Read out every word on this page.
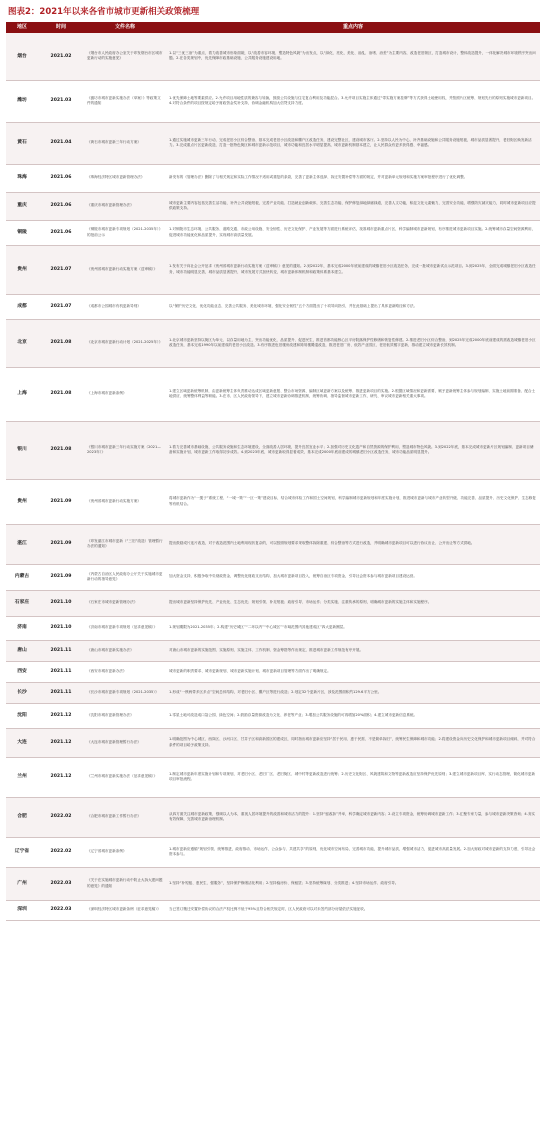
图表2：2021年以来各省市城市更新相关政策梳理
地区	时间	文件名称	重点内容
烟台	2021.02	《烟台市人民政府办公室关于印发烟台市区城市更新行动的实施意见》	1.以“三优三治”为重点，着力改善城市形象面貌，以“改善市容环境、塑造特色风貌”为出发点，以“绿化、亮化、美化、治乱、治堵、治差”为主要内容，改造老旧街区，打造城市设计，整体改造提升，一体化解决城市环境秩序突出问题。2.在各类规划中，优先保障市政基础设施、公共服务设施建设用地。
潍坊	2021.03	《潍坊市城市更新实施办法（草案）》等政策文件的通知	1.优先保障土地等要素供应。2.允许项目用地性质的兼容与转换，鼓励公共设施与住宅复合利用及功能混合。3.允许项目实施主体通过“带实施方案挂牌”等方式获得土地使用权，并按照片区统筹、规划先行的原则实施城市更新项目。4.对符合条件的项目按规定给予财政资金奖补支持，协调金融机构加大信贷支持力度。
黄石	2021.04	《黄石市城市更新三年行动方案》	1.通过实施城市更新三年行动，完成老旧小区综合整治、基本完成老旧小区改造和棚户区改造任务，建设完整社区，建设城市客厅。2.坚持以人民为中心，补齐基础设施和公共服务设施短板，城市品质显著提升，老旧街区焕发新活力。3.完成重点片区更新改造，打造一批特色街区和城市更新示范项目，城市功能和宜居水平明显提高，城市更新机制基本建立，让人民群众有更多获得感、幸福感。
珠海	2021.06	《珠海经济特区城市更新管理办法》	新发布的《管理办法》删除了与相关规定和实际工作情况不适用或重复的条款，完善了更新主体选择、拆迁安置补偿等方面的规定，并对更新单元规划和实施方案审批程序进行了优化调整。
重庆	2021.06	《重庆市城市更新管理办法》	城市更新主要内容包括完善生活功能、补齐公共设施短板，完善产业功能、打造就业创新载体，完善生态功能、保护修复绿地绿廊绿道，完善人文功能，积淀文化元素魅力，完善安全功能，增强防灾减灾能力，同时城市更新项目应提供政策支持。
铜陵	2021.06	《铜陵市城市更新专项规划（2021-2035年）》的批前公示	1.对铜陵市生态环境、公共服务、道路交通、市政公用设施、安全韧性、历史文化保护、产业发展等方面进行系统评估，找准城市更新重点片区，科学编制城市更新规划，有序推进城市更新项目实施。2.统筹城市存量空间资源利用，促进城市功能优化和品质提升，实现城市高质量发展。
贵州	2021.07	《贵州省城市更新行动实施方案（送审稿）》	1.发布关于向社会公开征求《贵州省城市更新行动实施方案（送审稿）》意见的通知。2.到2022年，基本完成2000年底前建成的城镇老旧小区改造任务，完成一批城市更新试点示范项目。3.到2025年，全面完成城镇老旧小区改造任务，城市功能明显完善，城市品质显著提升，城市发展方式加快转变，城市更新体制机制和政策体系基本建立。
成都	2021.07	《成都市公园城市有机更新导则》	以“保护历史文化、优化功能业态、完善公共服务、美化城市环境、强化安全韧性”五个方面提出了十项导向指引，并在此基础上提出了具体更新路径和方法。
北京	2021.08	《北京市城市更新行动计划（2021-2025年）》	1.北京城市更新坚持以街区为单元、以存量用地为主，突出功能优化、品质提升、促进民生，推进首都功能核心区平房院落保护性修缮和恢复性修建。2.推进老旧小区综合整治，到2025年完成2000年底前建成的需改造城镇老旧小区改造任务，基本完成1990年以前建成的老旧小区改造。3.有序推进危旧楼房改建和简易楼腾退改造，推进老旧厂房、低效产业园区、老旧低效楼宇更新，推动建立城市更新长效机制。
上海	2021.08	《上海市城市更新条例》	1.建立区域更新统筹机制，由更新统筹主体负责推动达成区域更新意愿、整合市场资源、编制区域更新方案以及统筹、推进更新项目的实施。2.根据区域情况和更新需要，赋予更新统筹主体参与规划编制、实施土地前期准备、配合土地供应、统筹整体利益等职能。3.在市、区人民政府领导下，建立城市更新协调推进机制，统筹协调、指导监督城市更新工作，研究、审议城市更新相关重大事项。
银川	2021.08	《银川市城市更新三年行动实施方案（2021—2023年）》	1.着力完善城市基础设施、公共服务设施和生态环境建设，全面改善人居环境，提升宜居宜业水平；2.加强对历史文化遗产和自然资源的保护利用，塑造城市特色风貌。3.到2022年底，基本完成城市更新片区规划编制、更新项目储备和实施计划，城市更新工作取得初步成效。4.到2023年底，城市更新取得显著成效，基本完成2000年底前建成的城镇老旧小区改造任务，城市功能品质明显提升。
贵州	2021.09	《贵州省城市更新行动实施方案》	将城市更新作为“一揽子”系统工程、“一城一策”“一区一策”建设目标，结合城市体检工作和国土空间规划，科学编制城市更新规划和年度实施计划，推进城市更新与城市产业转型升级、功能完善、品质提升、历史文化保护、生态修复等有机结合。
湛江	2021.09	《印发湛江市城市更新（“三旧”改造）管理暂行办法的通知》	提出鼓励成片连片改造，对于改造范围内土地利用现状复杂的，可以按照规划要求采取整体拆除重建、综合整治等方式进行改造，并明确城市更新项目可以进行协议出让、公开出让等方式供地。
内蒙古	2021.09	《内蒙古自治区人民政府办公厅关于实施城市更新行动的指导意见》	加大资金支持，积极争取中央财政资金，调整优化财政支出结构，加大城市更新项目投入，统筹自治区专项资金，引导社会资本参与城市更新项目建设运营。
石家庄	2021.10	《石家庄市城市更新管理办法》	提出城市更新坚持保护优先、产业优化、生态优先；规划引领、补足短板；政府引导、市场运作；分类实施、注重传承的原则，明确城市更新的实施主体和实施程序。
济南	2021.10	《济南市城市更新专项规划（征求意见稿）》	1.规划期限为2021-2035年；2.构建“历史城区”“二环以内”“中心城区”“市域范围内其他建成区”四大更新圈层。
唐山	2021.11	《唐山市城市更新实施办法》	对唐山市城市更新的实施范围、实施原则、实施主体、工作机制、资金筹措等作出规定，推进城市更新工作规范有序开展。
西安	2021.11	《西安市城市更新办法》	城市更新的职责要求、城市更新规划、城市更新实施计划、城市更新项目管理等方面作出了明确规定。
长沙	2021.11	《长沙市城市更新专项规划（2021-2035）》	1.形成“一核两带多区多点”空间总体结构，对老旧小区、棚户区等进行改造；2.划定32个更新片区，涉及范围面积约129.6平方公里。
沈阳	2021.12	《沈阳市城市更新管理办法》	1.零星土地可改造成口袋公园、绿色空间；2.鼓励存量资源改造为文化、养老等产业；3.增加公共服务设施的可再增加20%面积；4.建立城市更新信息系统。
大连	2021.12	《大连市城市更新管理暂行办法》	1.明确范围为中心城区、西岗区、沙河口区、甘井子区和高新园区的建成区，同时指出城市更新应坚持“居于民用、惠于民需、不是简单拆旧”，统筹民生保障和城市功能；2.将建设资金向历史文化保护和城市更新项目倾斜，并对符合条件的项目给予政策支持。
兰州	2021.12	《兰州市城市更新实施办法（征求意见稿）》	1.制定城市更新年度实施计划和专项规划，对老旧小区、老旧厂区、老旧街区、城中村等更新改造进行统筹；2.历史文化街区、风貌建筑和文物等更新改造应坚持保护优先原则；3.建立城市更新项目库，实行动态管理，简化城市更新项目审批流程。
合肥	2022.02	《合肥市城市更新工作暂行办法》	从四方面关注城市更新政策，强调以人为本，重视人居环境提升的改善和城市活力的提升：1.坚持“留改拆”并举，科学确定城市更新内容；2.设立专项资金，统筹协调城市更新工作；3.汇聚专家力量，参与城市更新决策咨询；4.务实有效保障，完善城市更新治理机制。
辽宁省	2022.02	《辽宁省城市更新条例》	1.城市更新应遵循“规划引领、统筹推进，政府推动、市场运作，公众参与、共建共享”的原则，优化城市空间布局，完善城市功能，提升城市品质，增强城市活力，促进城市高质量发展。2.加大财政对城市更新的支持力度，引导社会资本参与。
广州	2022.03	《关于在实施城市更新行动中防止大拆大建问题的意见》的通知	1.坚持“补短板、惠民生、强服务”，坚持保护修缮活化利用；2.坚持稳房价、保租赁；3.坚持统筹谋划、分类推进；4.坚持市场运作、政府引导。
深圳	2022.03	《深圳经济特区城市更新条例（征求意见稿）》	当已签订搬迁安置补偿协议的合法产权比例不低于95%且符合相关规定时，区人民政府可以对未签约部分房屋依法实施征收。
